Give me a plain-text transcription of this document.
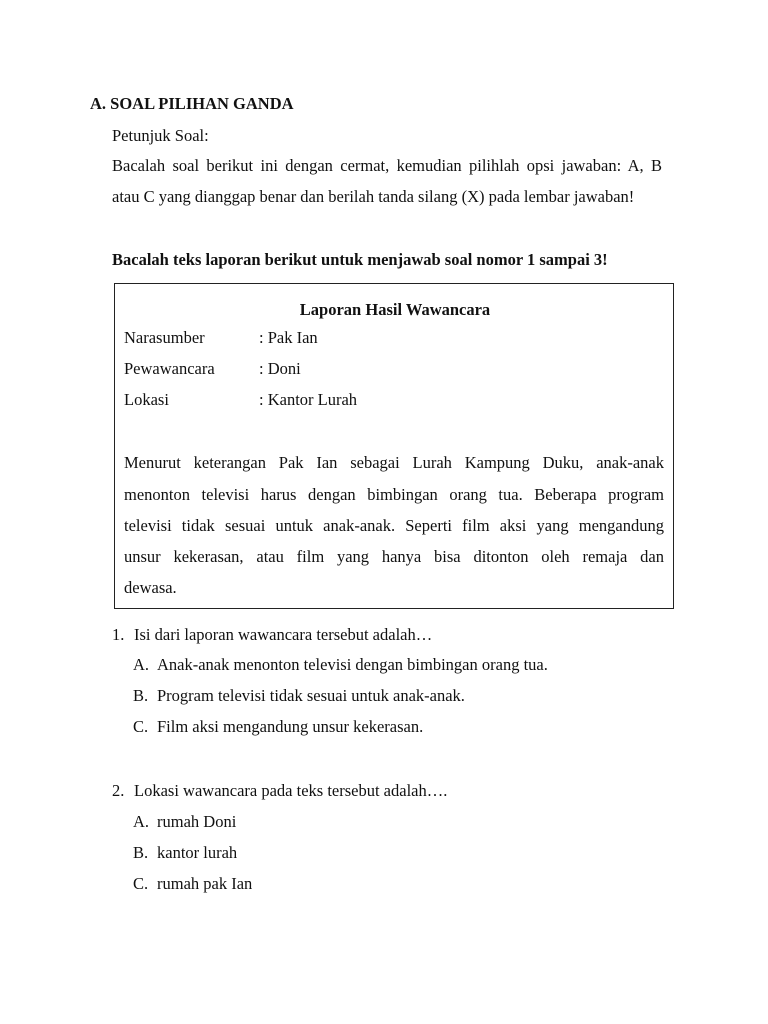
A. SOAL PILIHAN GANDA
Petunjuk Soal:
Bacalah soal berikut ini dengan cermat, kemudian pilihlah opsi jawaban: A, B
atau C yang dianggap benar dan berilah tanda silang (X) pada lembar jawaban!
Bacalah teks laporan berikut untuk menjawab soal nomor 1 sampai 3!
Laporan Hasil Wawancara
Narasumber	: Pak Ian
Pewawancara	: Doni
Lokasi	: Kantor Lurah
Menurut keterangan Pak Ian sebagai Lurah Kampung Duku, anak-anak
menonton televisi harus dengan bimbingan orang tua. Beberapa program
televisi tidak sesuai untuk anak-anak. Seperti film aksi yang mengandung
unsur kekerasan, atau film yang hanya bisa ditonton oleh remaja dan
dewasa.
1. Isi dari laporan wawancara tersebut adalah…
A. Anak-anak menonton televisi dengan bimbingan orang tua.
B. Program televisi tidak sesuai untuk anak-anak.
C. Film aksi mengandung unsur kekerasan.
2. Lokasi wawancara pada teks tersebut adalah….
A. rumah Doni
B. kantor lurah
C. rumah pak Ian
